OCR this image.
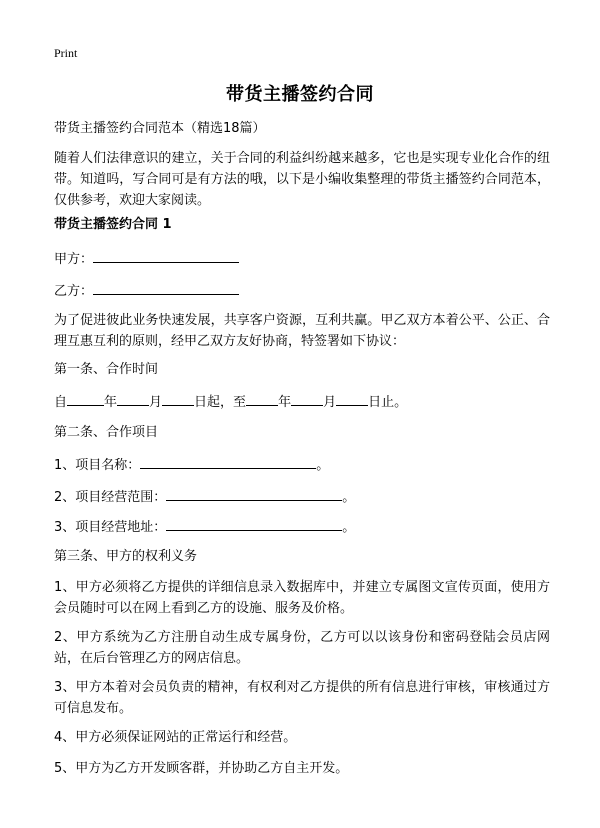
Print
带货主播签约合同
带货主播签约合同范本（精选18篇）
随着人们法律意识的建立，关于合同的利益纠纷越来越多，它也是实现专业化合作的纽带。知道吗，写合同可是有方法的哦，以下是小编收集整理的带货主播签约合同范本，仅供参考，欢迎大家阅读。
带货主播签约合同 1
甲方：
乙方：
为了促进彼此业务快速发展，共享客户资源，互利共赢。甲乙双方本着公平、公正、合理互惠互利的原则，经甲乙双方友好协商，特签署如下协议：
第一条、合作时间
自	年 月 日起，至 年 月 日止。
第二条、合作项目
1、项目名称：	。
2、项目经营范围：	。
3、项目经营地址：	。
第三条、甲方的权利义务
1、甲方必须将乙方提供的详细信息录入数据库中，并建立专属图文宣传页面，使用方会员随时可以在网上看到乙方的设施、服务及价格。
2、甲方系统为乙方注册自动生成专属身份，乙方可以以该身份和密码登陆会员店网站，在后台管理乙方的网店信息。
3、甲方本着对会员负责的精神，有权利对乙方提供的所有信息进行审核，审核通过方可信息发布。
4、甲方必须保证网站的正常运行和经营。
5、甲方为乙方开发顾客群，并协助乙方自主开发。
